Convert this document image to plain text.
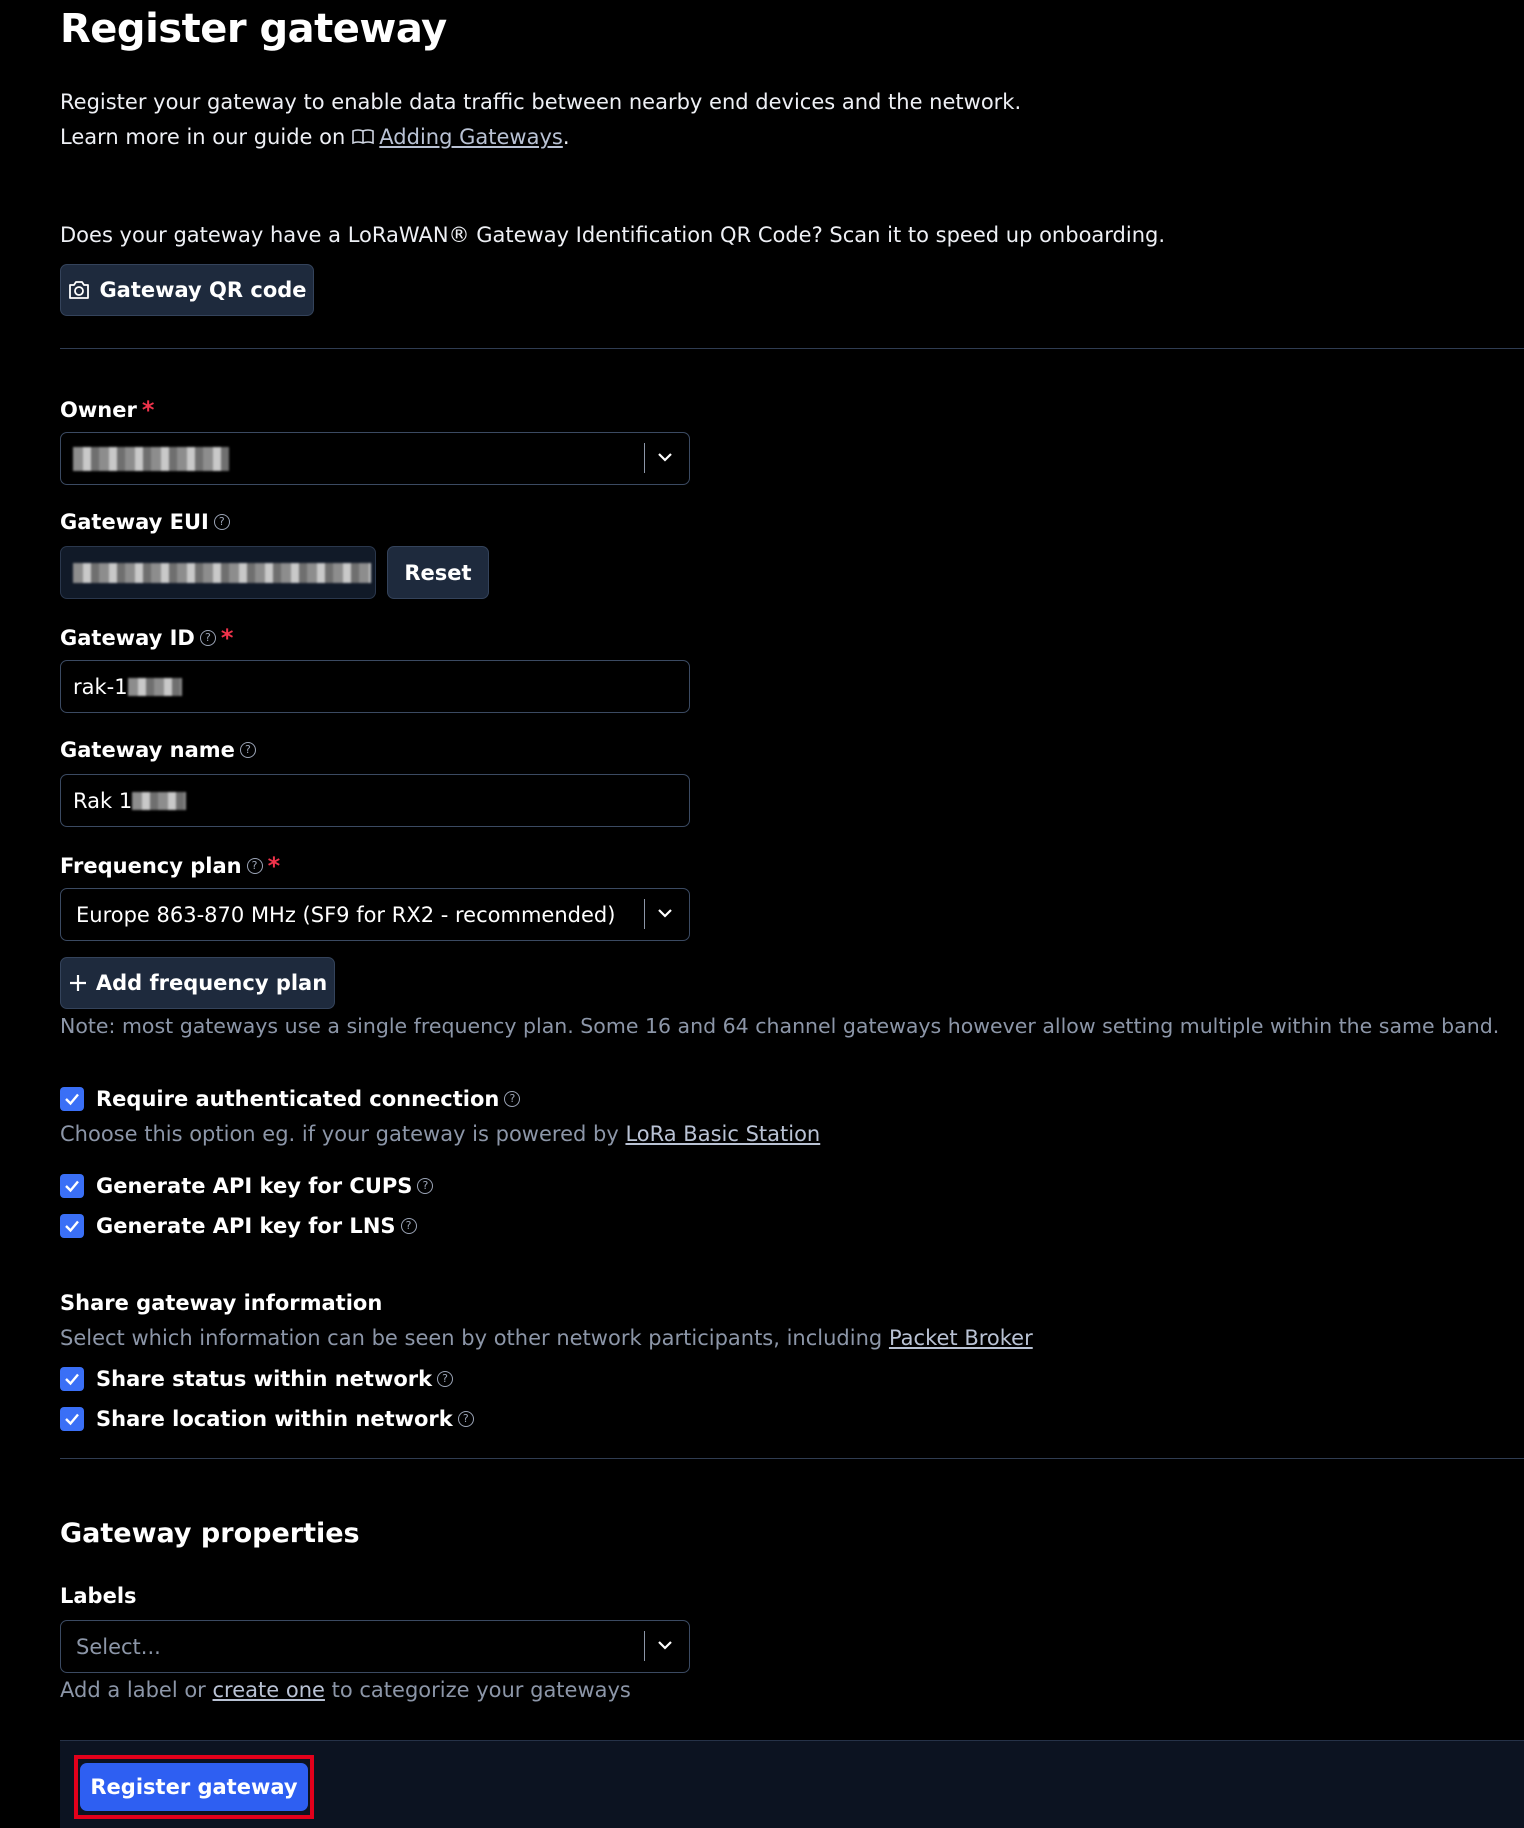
Register gateway
Register your gateway to enable data traffic between nearby end devices and the network.
Learn more in our guide on Adding Gateways .
Does your gateway have a LoRaWAN® Gateway Identification QR Code? Scan it to speed up onboarding.
Gateway QR code
Owner *
Gateway EUI ?
Reset
Gateway ID ? *
rak-1
Gateway name ?
Rak 1
Frequency plan ? *
Europe 863-870 MHz (SF9 for RX2 - recommended)
Add frequency plan
Note: most gateways use a single frequency plan. Some 16 and 64 channel gateways however allow setting multiple within the same band.
Require authenticated connection ?
Choose this option eg. if your gateway is powered by LoRa Basic Station
Generate API key for CUPS ?
Generate API key for LNS ?
Share gateway information
Select which information can be seen by other network participants, including Packet Broker
Share status within network ?
Share location within network ?
Gateway properties
Labels
Select...
Add a label or create one to categorize your gateways
Register gateway
